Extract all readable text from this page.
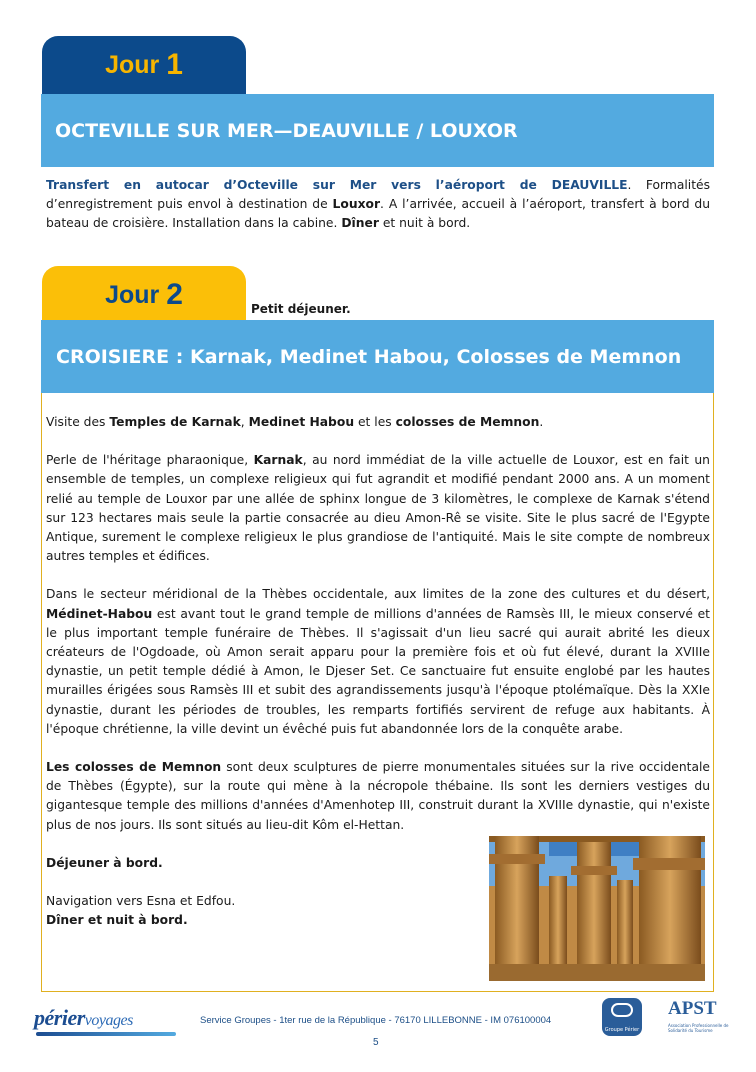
Jour 1
OCTEVILLE SUR MER—DEAUVILLE / LOUXOR
Transfert en autocar d’Octeville sur Mer vers l’aéroport de DEAUVILLE. Formalités d’enregistrement puis envol à destination de Louxor. A l’arrivée, accueil à l’aéroport, transfert à bord du bateau de croisière. Installation dans la cabine. Dîner et nuit à bord.
Jour 2	Petit déjeuner.
CROISIERE : Karnak, Medinet Habou, Colosses de Memnon

Visite des Temples de Karnak, Medinet Habou et les colosses de Memnon.

Perle de l'héritage pharaonique, Karnak, au nord immédiat de la ville actuelle de Louxor, est en fait un ensemble de temples, un complexe religieux qui fut agrandit et modifié pendant 2000 ans. A un moment relié au temple de Louxor par une allée de sphinx longue de 3 kilomètres, le complexe de Karnak s'étend sur 123 hectares mais seule la partie consacrée au dieu Amon-Rê se visite. Site le plus sacré de l'Egypte Antique, surement le complexe religieux le plus grandiose de l'antiquité. Mais le site compte de nombreux autres temples et édifices.

Dans le secteur méridional de la Thèbes occidentale, aux limites de la zone des cultures et du désert, Médinet-Habou est avant tout le grand temple de millions d'années de Ramsès III, le mieux conservé et le plus important temple funéraire de Thèbes. Il s'agissait d'un lieu sacré qui aurait abrité les dieux créateurs de l'Ogdoade, où Amon serait apparu pour la première fois et où fut élevé, durant la XVIIIe dynastie, un petit temple dédié à Amon, le Djeser Set. Ce sanctuaire fut ensuite englobé par les hautes murailles érigées sous Ramsès III et subit des agrandissements jusqu'à l'époque ptolémaïque. Dès la XXIe dynastie, durant les périodes de troubles, les remparts fortifiés servirent de refuge aux habitants. À l'époque chrétienne, la ville devint un évêché puis fut abandonnée lors de la conquête arabe.

Les colosses de Memnon sont deux sculptures de pierre monumentales situées sur la rive occidentale de Thèbes (Égypte), sur la route qui mène à la nécropole thébaine. Ils sont les derniers vestiges du gigantesque temple des millions d'années d'Amenhotep III, construit durant la XVIIIe dynastie, qui n'existe plus de nos jours. Ils sont situés au lieu-dit Kôm el-Hettan.

Déjeuner à bord.

Navigation vers Esna et Edfou.
Dîner et nuit à bord.
périervoyages	Service Groupes - 1ter rue de la République - 76170 LILLEBONNE - IM 076100004
Groupe Périer
APST
Association Professionnelle de Solidarité du Tourisme
5
